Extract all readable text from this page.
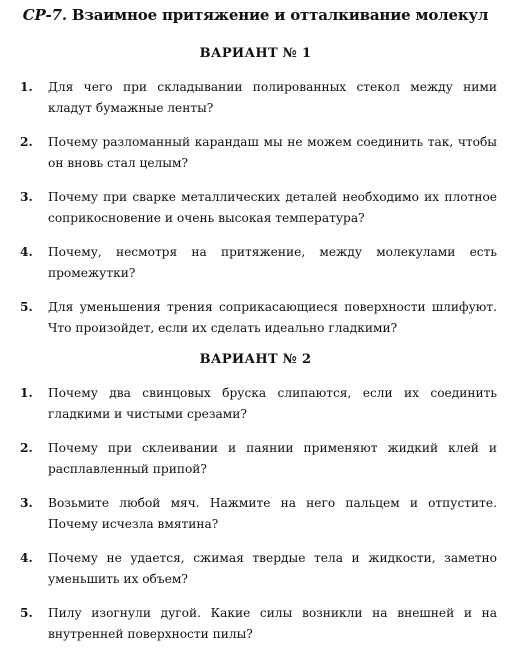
СР-7. Взаимное притяжение и отталкивание молекул
ВАРИАНТ № 1
1.	Для чего при складывании полированных стекол между ними кладут бумажные ленты?
2.	Почему разломанный карандаш мы не можем соединить так, чтобы он вновь стал целым?
3.	Почему при сварке металлических деталей необходимо их плотное соприкосновение и очень высокая температура?
4.	Почему, несмотря на притяжение, между молекулами есть промежутки?
5.	Для уменьшения трения соприкасающиеся поверхности шлифуют. Что произойдет, если их сделать идеально гладкими?
ВАРИАНТ № 2
1.	Почему два свинцовых бруска слипаются, если их соединить гладкими и чистыми срезами?
2.	Почему при склеивании и паянии применяют жидкий клей и расплавленный припой?
3.	Возьмите любой мяч. Нажмите на него пальцем и отпустите. Почему исчезла вмятина?
4.	Почему не удается, сжимая твердые тела и жидкости, заметно уменьшить их объем?
5.	Пилу изогнули дугой. Какие силы возникли на внешней и на внутренней поверхности пилы?
